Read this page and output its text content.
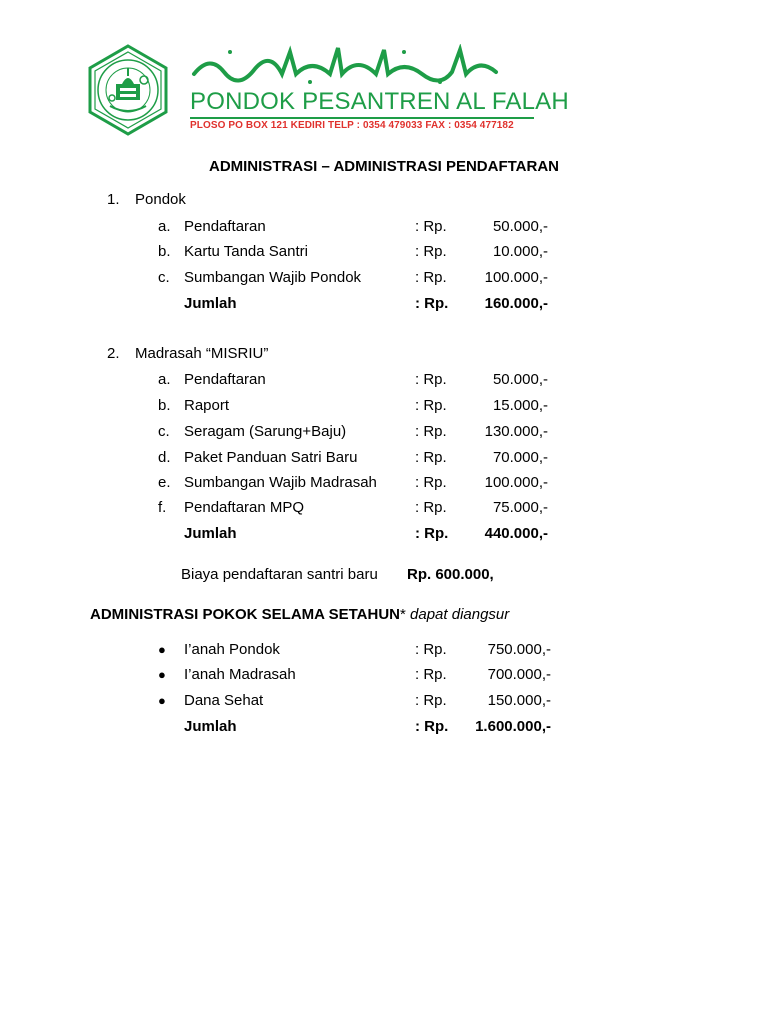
PONDOK PESANTREN AL FALAH
PLOSO PO BOX 121 KEDIRI TELP : 0354 479033 FAX : 0354 477182
ADMINISTRASI – ADMINISTRASI PENDAFTARAN
1. Pondok
a. Pendaftaran	: Rp.	50.000,-
b. Kartu Tanda Santri	: Rp.	10.000,-
c. Sumbangan Wajib Pondok	: Rp.	100.000,-
Jumlah	: Rp.	160.000,-
2. Madrasah “MISRIU”
a. Pendaftaran	: Rp.	50.000,-
b. Raport	: Rp.	15.000,-
c. Seragam (Sarung+Baju)	: Rp.	130.000,-
d. Paket Panduan Satri Baru	: Rp.	70.000,-
e. Sumbangan Wajib Madrasah	: Rp.	100.000,-
f. Pendaftaran MPQ	: Rp.	75.000,-
Jumlah	: Rp.	440.000,-
Biaya pendaftaran santri baru Rp. 600.000,
ADMINISTRASI POKOK SELAMA SETAHUN* dapat diangsur
● I’anah Pondok	: Rp.	750.000,-
● I’anah Madrasah	: Rp.	700.000,-
● Dana Sehat	: Rp.	150.000,-
Jumlah	: Rp.	1.600.000,-
